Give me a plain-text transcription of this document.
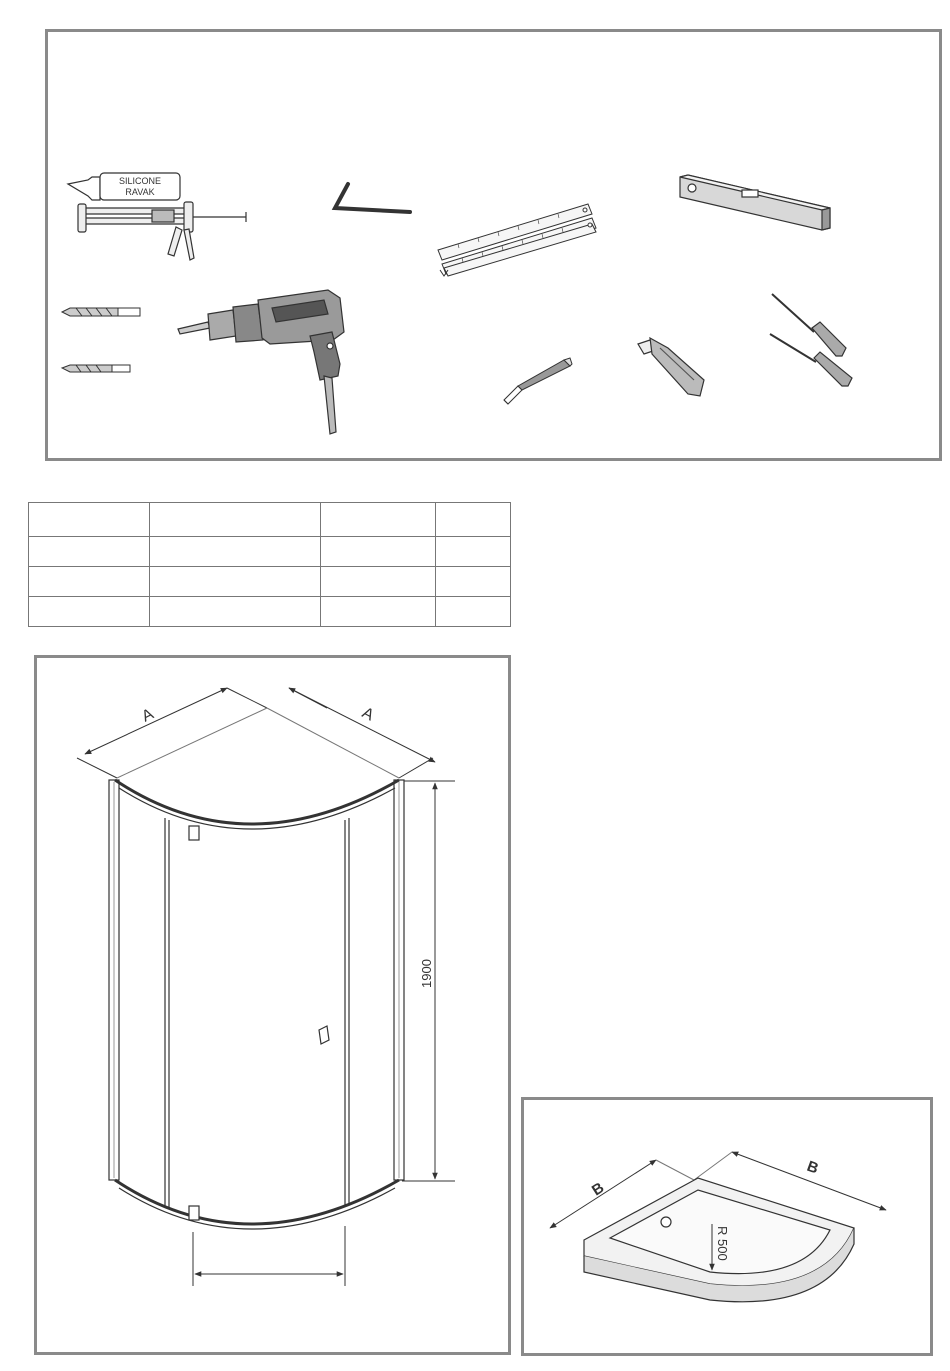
SILICONE
RAVAK

A	A
1900
B
B
R 500
